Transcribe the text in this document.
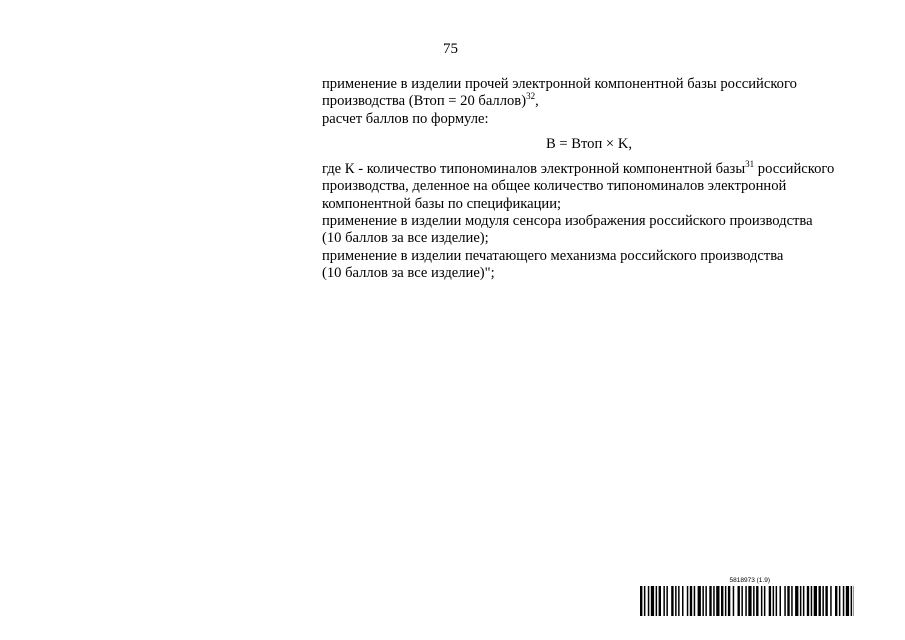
75
применение в изделии прочей электронной компонентной базы российского
производства (Втоп = 20 баллов)$^{32}$,
расчет баллов по формуле:
В = Втоп × K,
где К - количество типономиналов электронной компонентной базы$^{31}$ российского
производства, деленное на общее количество типономиналов электронной
компонентной базы по спецификации;
применение в изделии модуля сенсора изображения российского производства
(10 баллов за все изделие);
применение в изделии печатающего механизма российского производства
(10 баллов за все изделие)";
5818973 (1.9)
